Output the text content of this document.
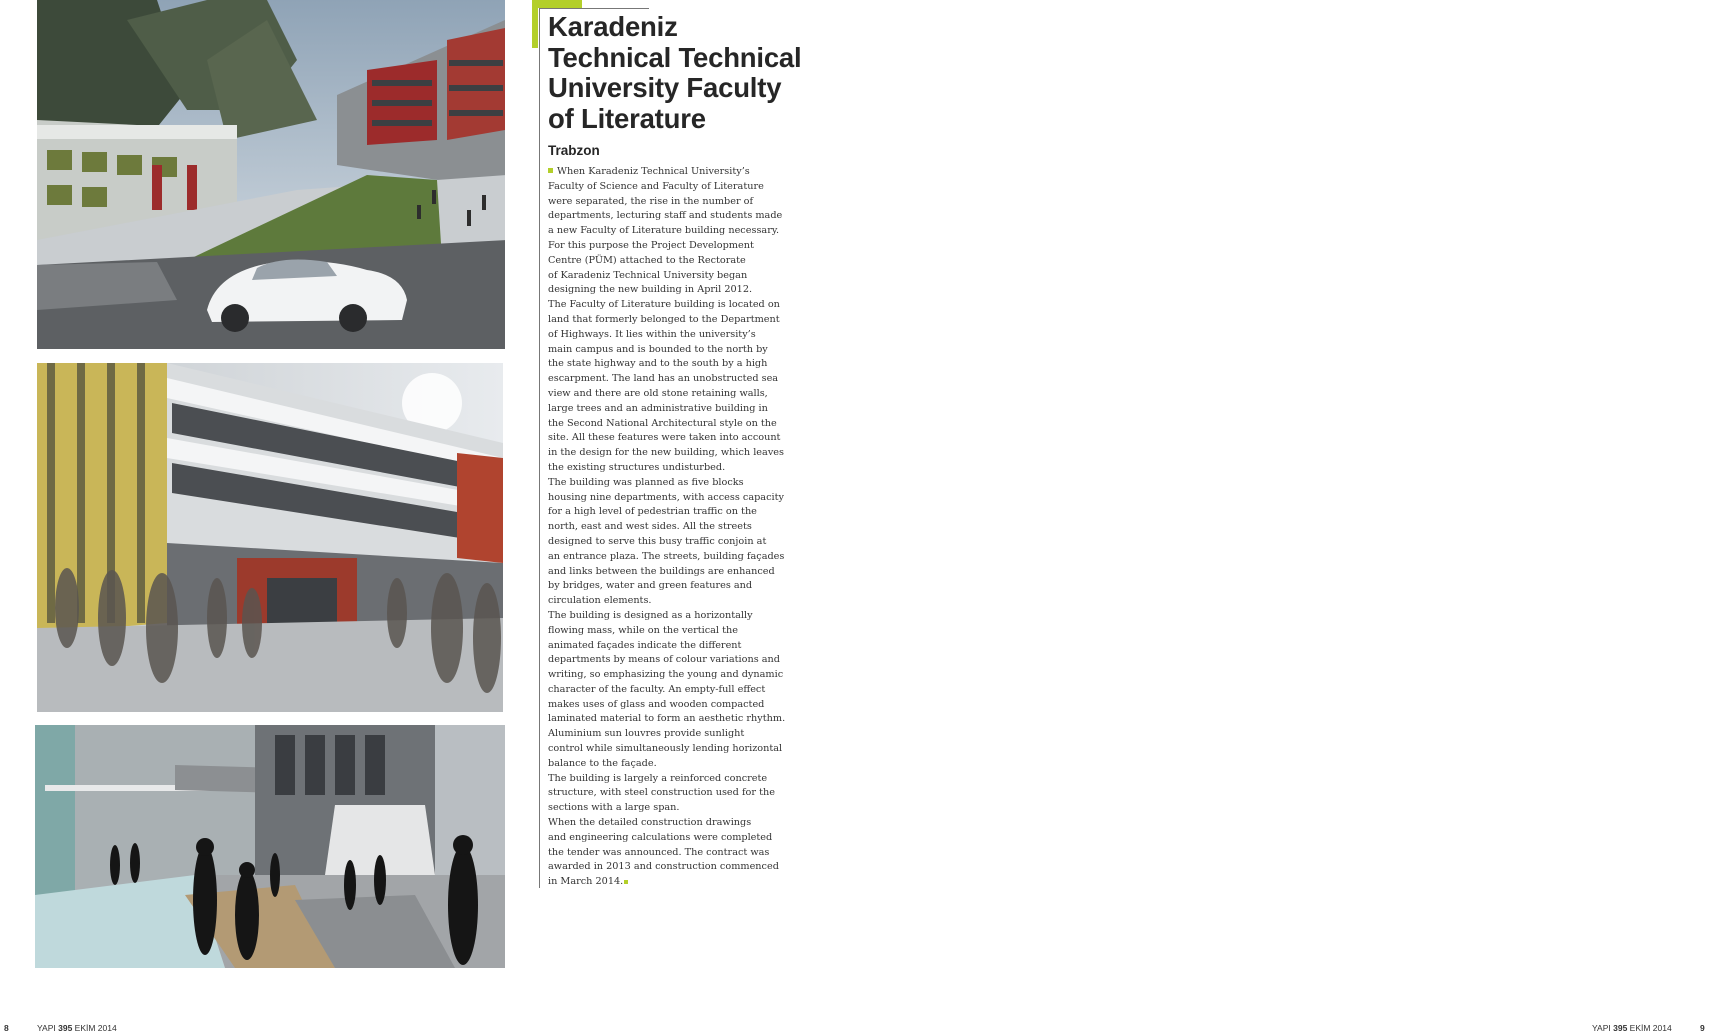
Karadeniz
Technical Technical
University Faculty
of Literature
Trabzon

When Karadeniz Technical University’s
Faculty of Science and Faculty of Literature
were separated, the rise in the number of
departments, lecturing staff and students made
a new Faculty of Literature building necessary.
For this purpose the Project Development
Centre (PÜM) attached to the Rectorate
of Karadeniz Technical University began
designing the new building in April 2012.

The Faculty of Literature building is located on
land that formerly belonged to the Department
of Highways. It lies within the university’s
main campus and is bounded to the north by
the state highway and to the south by a high
escarpment. The land has an unobstructed sea
view and there are old stone retaining walls,
large trees and an administrative building in
the Second National Architectural style on the
site. All these features were taken into account
in the design for the new building, which leaves
the existing structures undisturbed.

The building was planned as five blocks
housing nine departments, with access capacity
for a high level of pedestrian traffic on the
north, east and west sides. All the streets
designed to serve this busy traffic conjoin at
an entrance plaza. The streets, building façades
and links between the buildings are enhanced
by bridges, water and green features and
circulation elements.

The building is designed as a horizontally
flowing mass, while on the vertical the
animated façades indicate the different
departments by means of colour variations and
writing, so emphasizing the young and dynamic
character of the faculty. An empty-full effect
makes uses of glass and wooden compacted
laminated material to form an aesthetic rhythm.
Aluminium sun louvres provide sunlight
control while simultaneously lending horizontal
balance to the façade.

The building is largely a reinforced concrete
structure, with steel construction used for the
sections with a large span.

When the detailed construction drawings
and engineering calculations were completed
the tender was announced. The contract was
awarded in 2013 and construction commenced
in March 2014.

8	YAPI 395 EKİM 2014	YAPI 395 EKİM 2014	9
